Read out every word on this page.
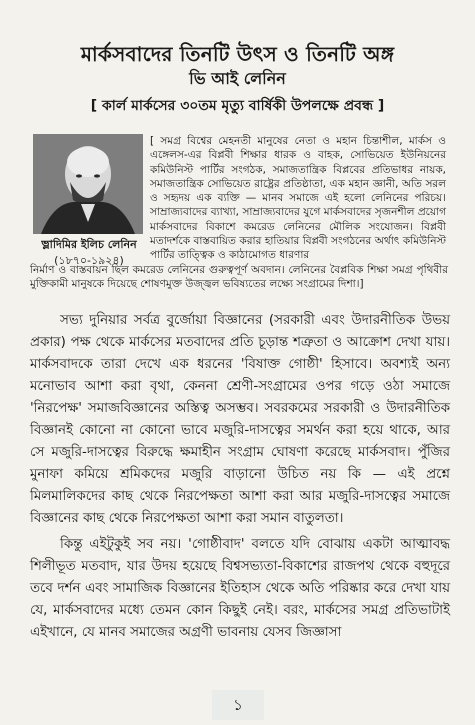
মার্কসবাদের তিনটি উৎস ও তিনটি অঙ্গ
ভি আই লেনিন
[ কার্ল মার্কসের ৩০তম মৃত্যু বার্ষিকী উপলক্ষে প্রবন্ধ ]
ভ্লাদিমির ইলিচ লেনিন
(১৮৭০-১৯২৪)
[ সমগ্র বিশ্বের মেহনতী মানুষের নেতা ও মহান চিন্তাশীল, মার্কস ও এঙ্গেলস-এর বিপ্লবী শিক্ষার ধারক ও বাহক, সোভিয়েত ইউনিয়নের কমিউনিস্ট পার্টির সংগঠক, সমাজতান্ত্রিক বিপ্লবের প্রতিভাধর নায়ক, সমাজতান্ত্রিক সোভিয়েত রাষ্ট্রের প্রতিষ্ঠাতা, এক মহান জ্ঞানী, অতি সরল ও সহৃদয় এক ব্যক্তি — মানব সমাজে এই হলো লেনিনের পরিচয়। সাম্রাজ্যবাদের ব্যাখ্যা, সাম্রাজ্যবাদের যুগে মার্কসবাদের সৃজনশীল প্রয়োগ মার্কসবাদের বিকাশে কমরেড লেনিনের মৌলিক সংযোজন। বিপ্লবী মতাদর্শকে বাস্তবায়িত করার হাতিয়ার বিপ্লবী সংগঠনের অর্থাৎ কমিউনিস্ট পার্টির তাত্ত্বিক ও কাঠামোগত ধারণার
নির্মাণ ও বাস্তবায়ন ছিল কমরেড লেনিনের গুরুত্বপূর্ণ অবদান। লেনিনের বৈপ্লবিক শিক্ষা সমগ্র পৃথিবীর মুক্তিকামী মানুষকে দিয়েছে শোষণমুক্ত উজ্জ্বল ভবিষ্যতের লক্ষ্যে সংগ্রামের দিশা।]

সভ্য দুনিয়ার সর্বত্র বুর্জোয়া বিজ্ঞানের (সরকারী এবং উদারনীতিক উভয় প্রকার) পক্ষ থেকে মার্কসের মতবাদের প্রতি চূড়ান্ত শত্রুতা ও আক্রোশ দেখা যায়। মার্কসবাদকে তারা দেখে এক ধরনের 'বিষাক্ত গোষ্ঠী' হিসাবে। অবশ্যই অন্য মনোভাব আশা করা বৃথা, কেননা শ্রেণী-সংগ্রামের ওপর গড়ে ওঠা সমাজে 'নিরপেক্ষ' সমাজবিজ্ঞানের অস্তিত্ব অসম্ভব। সবরকমের সরকারী ও উদারনীতিক বিজ্ঞানই কোনো না কোনো ভাবে মজুরি-দাসত্বের সমর্থন করা হয়ে থাকে, আর সে মজুরি-দাসত্বের বিরুদ্ধে ক্ষমাহীন সংগ্রাম ঘোষণা করেছে মার্কসবাদ। পুঁজির মুনাফা কমিয়ে শ্রমিকদের মজুরি বাড়ানো উচিত নয় কি — এই প্রশ্নে মিলমালিকদের কাছ থেকে নিরপেক্ষতা আশা করা আর মজুরি-দাসত্বের সমাজে বিজ্ঞানের কাছ থেকে নিরপেক্ষতা আশা করা সমান বাতুলতা।

কিন্তু এইটুকুই সব নয়। 'গোষ্ঠীবাদ' বলতে যদি বোঝায় একটা আত্মাবদ্ধ শিলীভূত মতবাদ, যার উদয় হয়েছে বিশ্বসভ্যতা-বিকাশের রাজপথ থেকে বহুদূরে তবে দর্শন এবং সামাজিক বিজ্ঞানের ইতিহাস থেকে অতি পরিষ্কার করে দেখা যায় যে, মার্কসবাদের মধ্যে তেমন কোন কিছুই নেই। বরং, মার্কসের সমগ্র প্রতিভাটাই এইখানে, যে মানব সমাজের অগ্রণী ভাবনায় যেসব জিজ্ঞাসা

১
